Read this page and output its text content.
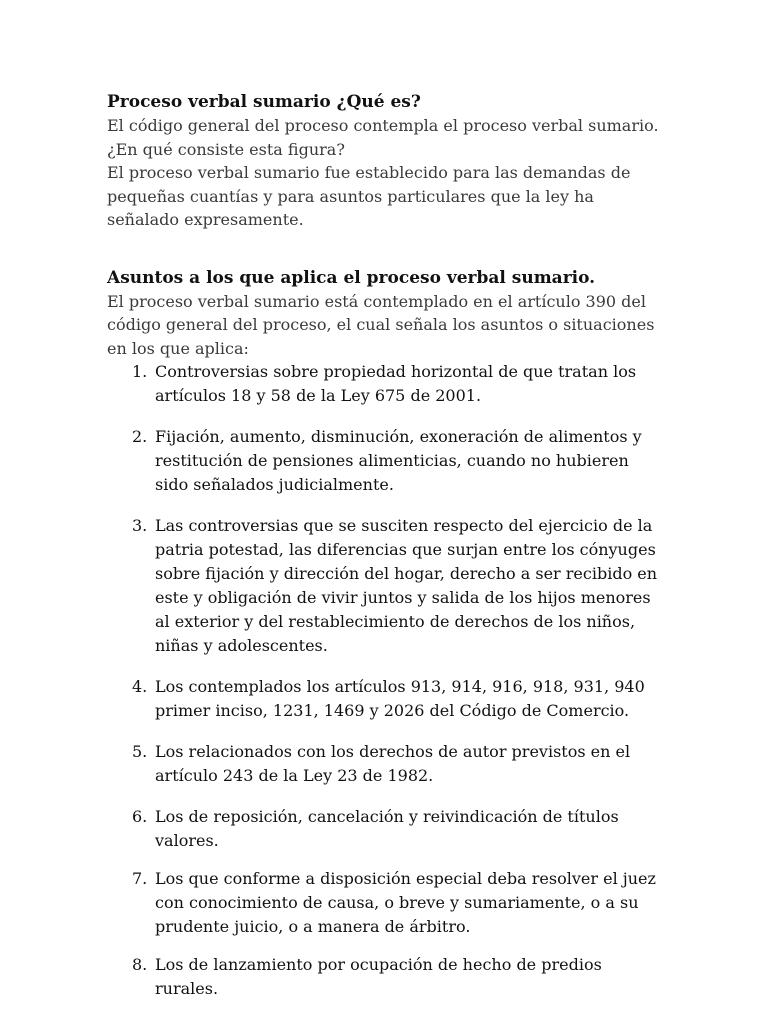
Proceso verbal sumario ¿Qué es?

El código general del proceso contempla el proceso verbal sumario. ¿En qué consiste esta figura?

El proceso verbal sumario fue establecido para las demandas de pequeñas cuantías y para asuntos particulares que la ley ha señalado expresamente.

Asuntos a los que aplica el proceso verbal sumario.

El proceso verbal sumario está contemplado en el artículo 390 del código general del proceso, el cual señala los asuntos o situaciones en los que aplica:

1. Controversias sobre propiedad horizontal de que tratan los artículos 18 y 58 de la Ley 675 de 2001.
2. Fijación, aumento, disminución, exoneración de alimentos y restitución de pensiones alimenticias, cuando no hubieren sido señalados judicialmente.
3. Las controversias que se susciten respecto del ejercicio de la patria potestad, las diferencias que surjan entre los cónyuges sobre fijación y dirección del hogar, derecho a ser recibido en este y obligación de vivir juntos y salida de los hijos menores al exterior y del restablecimiento de derechos de los niños, niñas y adolescentes.
4. Los contemplados los artículos 913, 914, 916, 918, 931, 940 primer inciso, 1231, 1469 y 2026 del Código de Comercio.
5. Los relacionados con los derechos de autor previstos en el artículo 243 de la Ley 23 de 1982.
6. Los de reposición, cancelación y reivindicación de títulos valores.
7. Los que conforme a disposición especial deba resolver el juez con conocimiento de causa, o breve y sumariamente, o a su prudente juicio, o a manera de árbitro.
8. Los de lanzamiento por ocupación de hecho de predios rurales.
